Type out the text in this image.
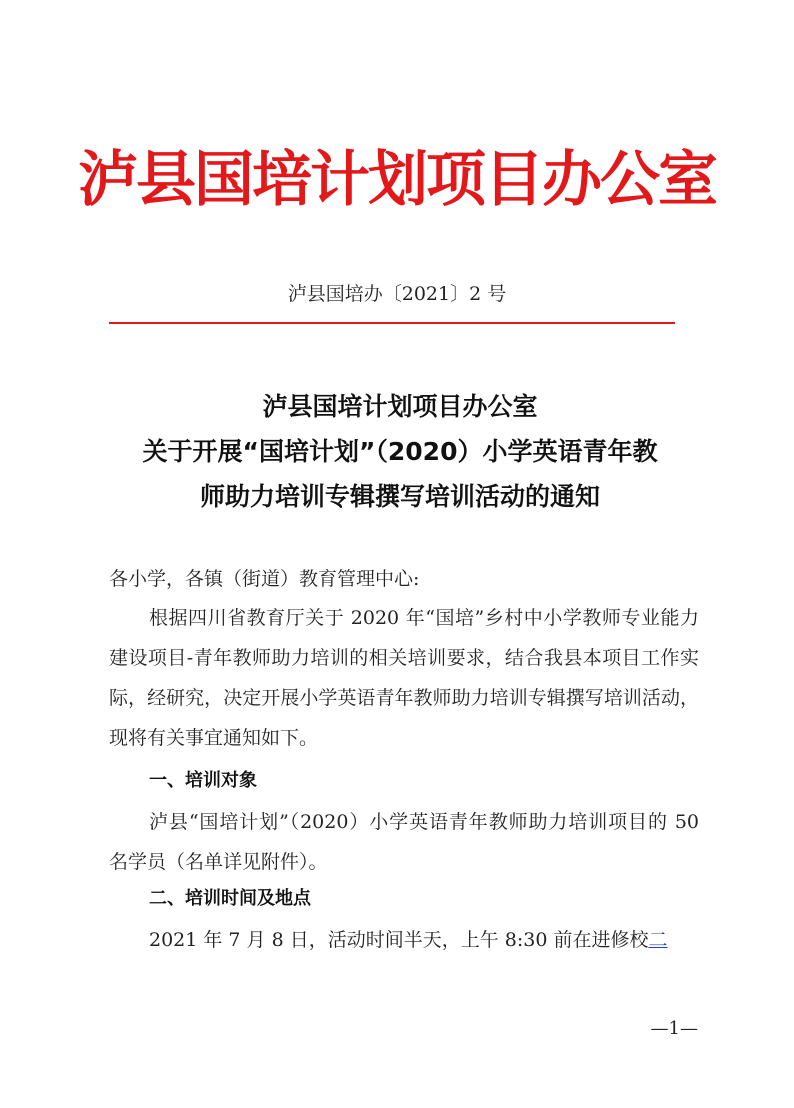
泸县国培计划项目办公室
泸县国培办〔2021〕2 号
泸县国培计划项目办公室
关于开展“国培计划”（2020）小学英语青年教
师助力培训专辑撰写培训活动的通知
各小学，各镇（街道）教育管理中心:

根据四川省教育厅关于 2020 年“国培”乡村中小学教师专业能力建设项目-青年教师助力培训的相关培训要求，结合我县本项目工作实际，经研究，决定开展小学英语青年教师助力培训专辑撰写培训活动，现将有关事宜通知如下。

一、培训对象

泸县“国培计划”（2020）小学英语青年教师助力培训项目的 50 名学员（名单详见附件）。

二、培训时间及地点

2021 年 7 月 8 日，活动时间半天，上午 8:30 前在进修校二

—1—
